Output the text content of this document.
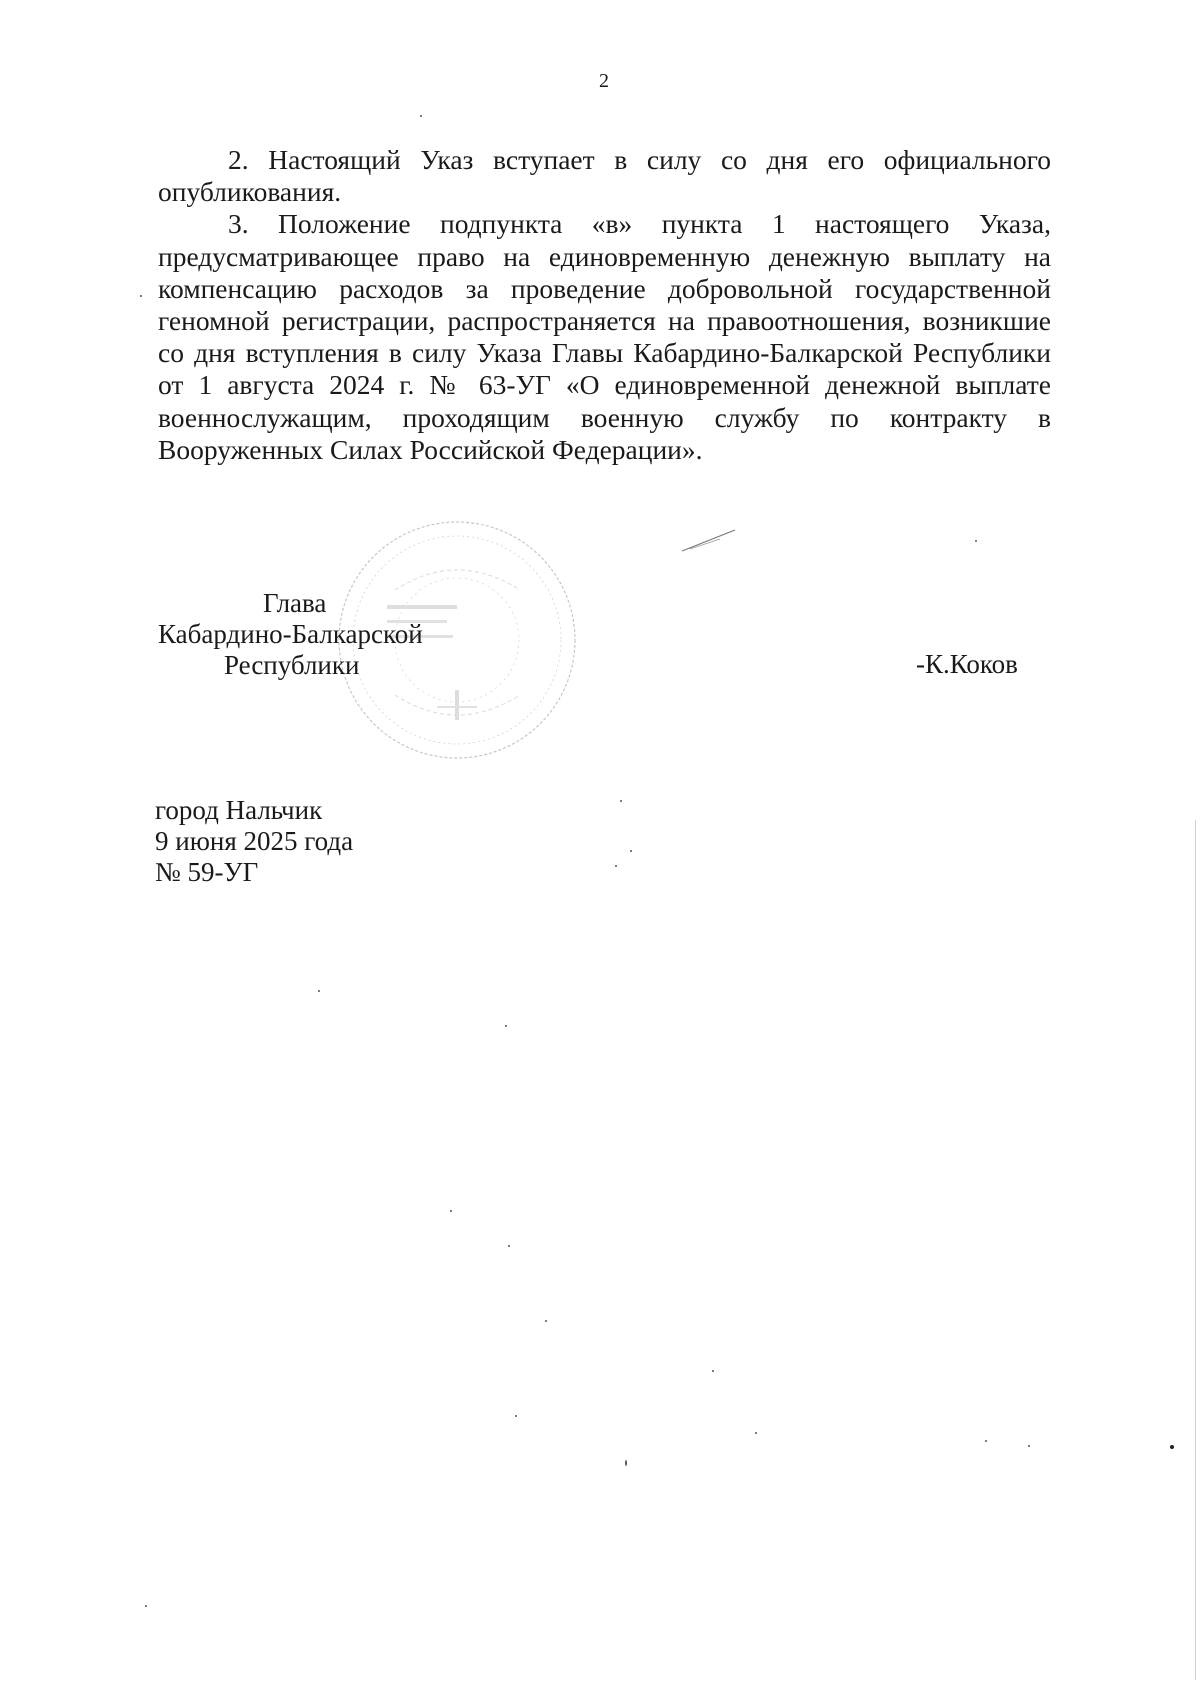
2

2. Настоящий Указ вступает в силу со дня его официального опубликования.

3. Положение подпункта «в» пункта 1 настоящего Указа, предусматривающее право на единовременную денежную выплату на компенсацию расходов за проведение добровольной государственной геномной регистрации, распространяется на правоотношения, возникшие со дня вступления в силу Указа Главы Кабардино-Балкарской Республики от 1 августа 2024 г. № 63-УГ «О единовременной денежной выплате военнослужащим, проходящим военную службу по контракту в Вооруженных Силах Российской Федерации».

Глава
Кабардино-Балкарской
Республики	-К.Коков
город Нальчик
9 июня 2025 года
№ 59-УГ
